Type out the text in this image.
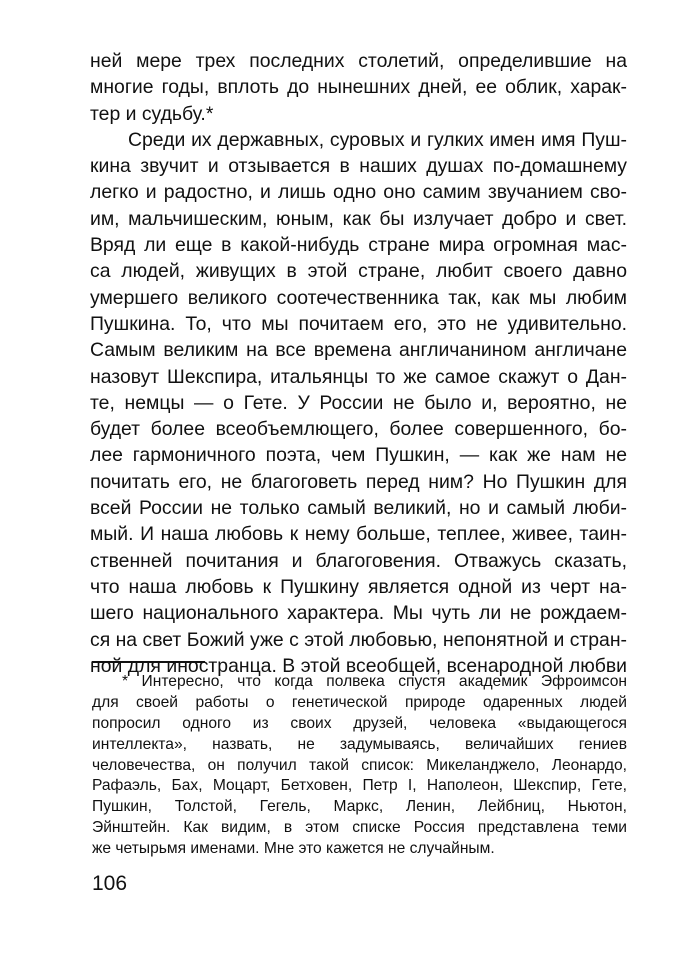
ней мере трех последних столетий, определившие на
многие годы, вплоть до нынешних дней, ее облик, харак-
тер и судьбу.*
Среди их державных, суровых и гулких имен имя Пуш-
кина звучит и отзывается в наших душах по-домашнему
легко и радостно, и лишь одно оно самим звучанием сво-
им, мальчишеским, юным, как бы излучает добро и свет.
Вряд ли еще в какой-нибудь стране мира огромная мас-
са людей, живущих в этой стране, любит своего давно
умершего великого соотечественника так, как мы любим
Пушкина. То, что мы почитаем его, это не удивительно.
Самым великим на все времена англичанином англичане
назовут Шекспира, итальянцы то же самое скажут о Дан-
те, немцы — о Гете. У России не было и, вероятно, не
будет более всеобъемлющего, более совершенного, бо-
лее гармоничного поэта, чем Пушкин, — как же нам не
почитать его, не благоговеть перед ним? Но Пушкин для
всей России не только самый великий, но и самый люби-
мый. И наша любовь к нему больше, теплее, живее, таин-
ственней почитания и благоговения. Отважусь сказать,
что наша любовь к Пушкину является одной из черт на-
шего национального характера. Мы чуть ли не рождаем-
ся на свет Божий уже с этой любовью, непонятной и стран-
ной для иностранца. В этой всеобщей, всенародной любви
* Интересно, что когда полвека спустя академик Эфроимсон
для своей работы о генетической природе одаренных людей
попросил одного из своих друзей, человека «выдающегося
интеллекта», назвать, не задумываясь, величайших гениев
человечества, он получил такой список: Микеланджело, Леонардо,
Рафаэль, Бах, Моцарт, Бетховен, Петр I, Наполеон, Шекспир, Гете,
Пушкин, Толстой, Гегель, Маркс, Ленин, Лейбниц, Ньютон,
Эйнштейн. Как видим, в этом списке Россия представлена теми
же четырьмя именами. Мне это кажется не случайным.
106
